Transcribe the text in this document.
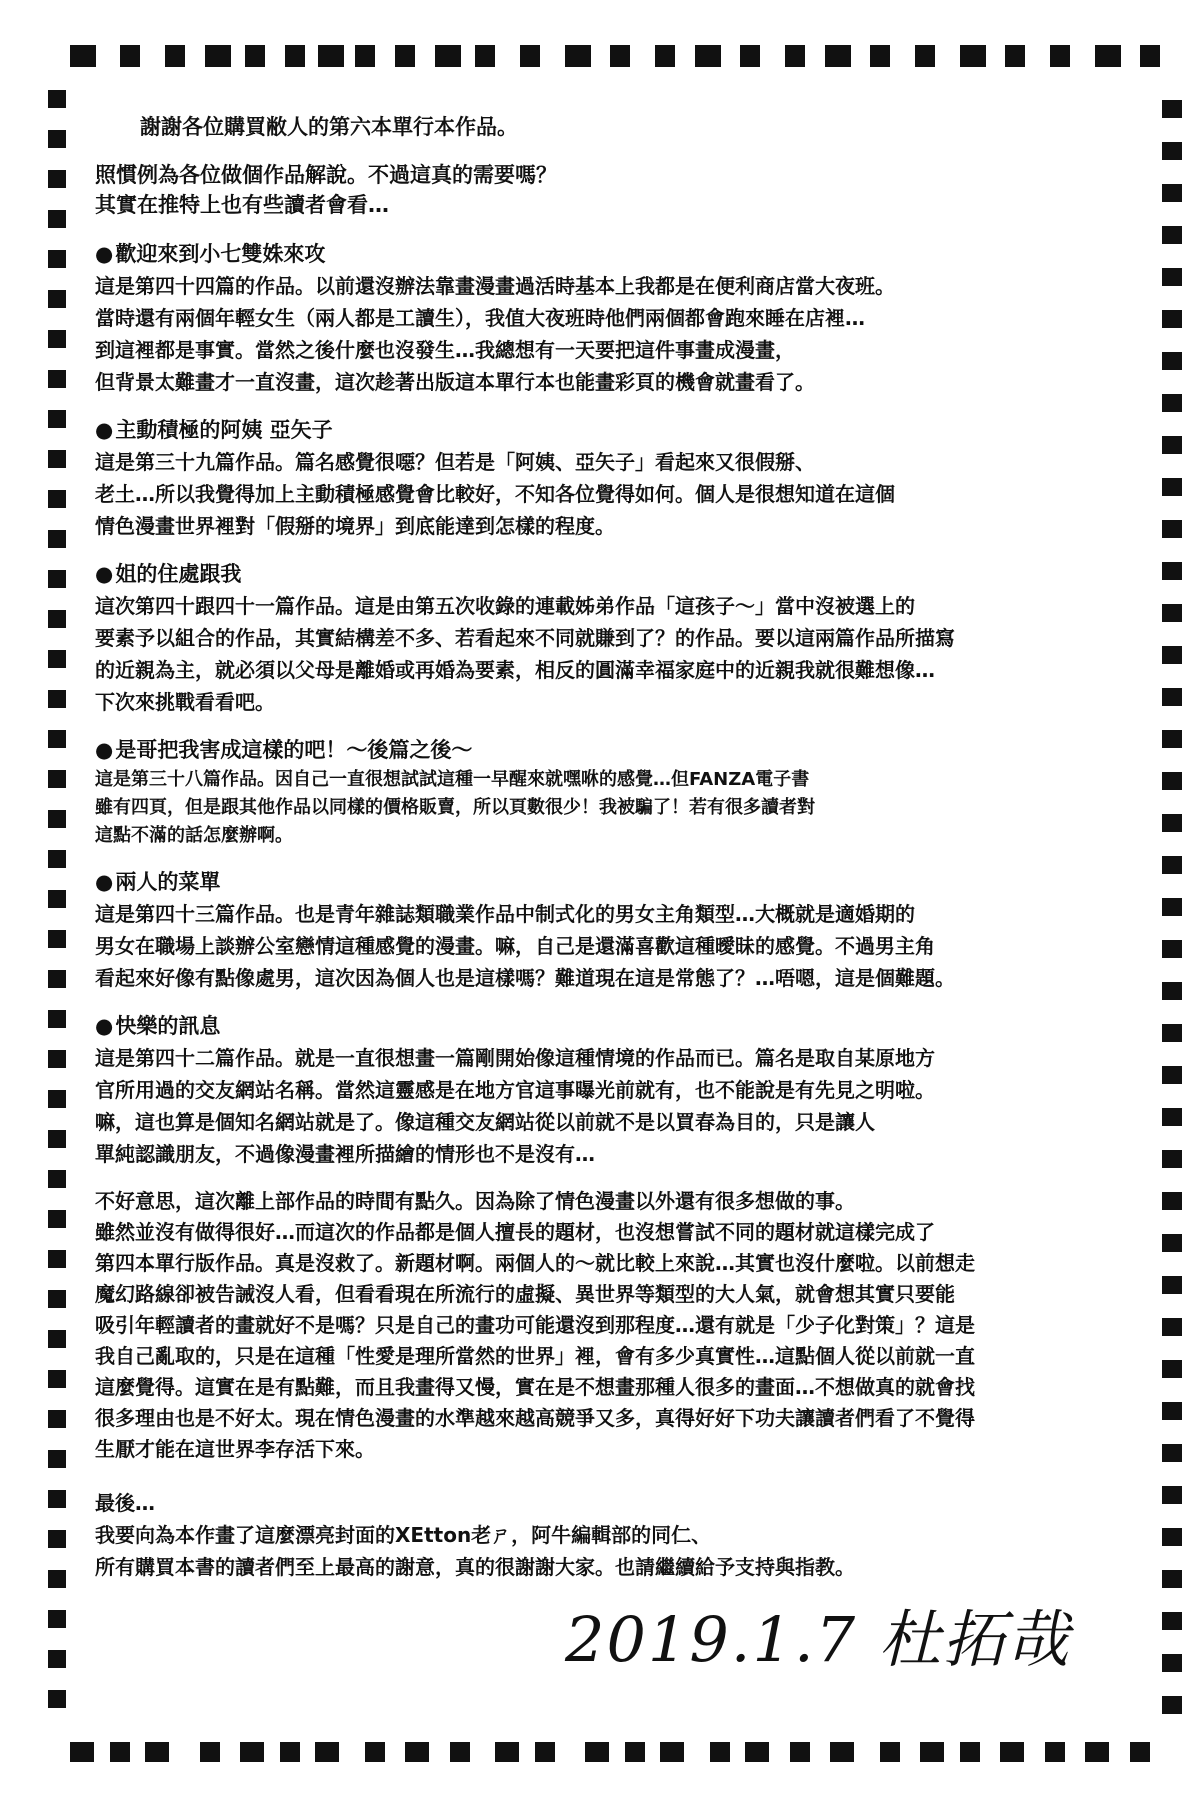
謝謝各位購買敝人的第六本單行本作品。

照慣例為各位做個作品解說。不過這真的需要嗎？

其實在推特上也有些讀者會看…

● 歡迎來到小七雙姝來攻
這是第四十四篇的作品。以前還沒辦法靠畫漫畫過活時基本上我都是在便利商店當大夜班。
當時還有兩個年輕女生（兩人都是工讀生），我值大夜班時他們兩個都會跑來睡在店裡…
到這裡都是事實。當然之後什麼也沒發生…我總想有一天要把這件事畫成漫畫，
但背景太難畫才一直沒畫，這次趁著出版這本單行本也能畫彩頁的機會就畫看了。
● 主動積極的阿姨 亞矢子
這是第三十九篇作品。篇名感覺很噁？但若是「阿姨、亞矢子」看起來又很假掰、
老土…所以我覺得加上主動積極感覺會比較好，不知各位覺得如何。個人是很想知道在這個
情色漫畫世界裡對「假掰的境界」到底能達到怎樣的程度。
● 姐的住處跟我
這次第四十跟四十一篇作品。這是由第五次收錄的連載姊弟作品「這孩子～」當中沒被選上的
要素予以組合的作品，其實結構差不多、若看起來不同就賺到了？的作品。要以這兩篇作品所描寫
的近親為主，就必須以父母是離婚或再婚為要素，相反的圓滿幸福家庭中的近親我就很難想像…
下次來挑戰看看吧。
● 是哥把我害成這樣的吧！～後篇之後～
這是第三十八篇作品。因自己一直很想試試這種一早醒來就嘿咻的感覺…但FANZA電子書
雖有四頁，但是跟其他作品以同樣的價格販賣，所以頁數很少！我被騙了！若有很多讀者對
這點不滿的話怎麼辦啊。
● 兩人的菜單
這是第四十三篇作品。也是青年雜誌類職業作品中制式化的男女主角類型…大概就是適婚期的
男女在職場上談辦公室戀情這種感覺的漫畫。嘛，自己是還滿喜歡這種曖昧的感覺。不過男主角
看起來好像有點像處男，這次因為個人也是這樣嗎？難道現在這是常態了？…唔嗯，這是個難題。
● 快樂的訊息
這是第四十二篇作品。就是一直很想畫一篇剛開始像這種情境的作品而已。篇名是取自某原地方
官所用過的交友網站名稱。當然這靈感是在地方官這事曝光前就有，也不能說是有先見之明啦。
嘛，這也算是個知名網站就是了。像這種交友網站從以前就不是以買春為目的，只是讓人
單純認識朋友，不過像漫畫裡所描繪的情形也不是沒有…
不好意思，這次離上部作品的時間有點久。因為除了情色漫畫以外還有很多想做的事。
雖然並沒有做得很好…而這次的作品都是個人擅長的題材，也沒想嘗試不同的題材就這樣完成了
第四本單行版作品。真是沒救了。新題材啊。兩個人的～就比較上來說…其實也沒什麼啦。以前想走
魔幻路線卻被告誡沒人看，但看看現在所流行的虛擬、異世界等類型的大人氣，就會想其實只要能
吸引年輕讀者的畫就好不是嗎？只是自己的畫功可能還沒到那程度…還有就是「少子化對策」？這是
我自己亂取的，只是在這種「性愛是理所當然的世界」裡，會有多少真實性…這點個人從以前就一直
這麼覺得。這實在是有點難，而且我畫得又慢，實在是不想畫那種人很多的畫面…不想做真的就會找
很多理由也是不好太。現在情色漫畫的水準越來越高競爭又多，真得好好下功夫讓讀者們看了不覺得
生厭才能在這世界李存活下來。
最後…
我要向為本作畫了這麼漂亮封面的XEtton老ㄕ，阿牛編輯部的同仁、
所有購買本書的讀者們至上最高的謝意，真的很謝謝大家。也請繼續給予支持與指教。
2019.1.7 杜拓哉
